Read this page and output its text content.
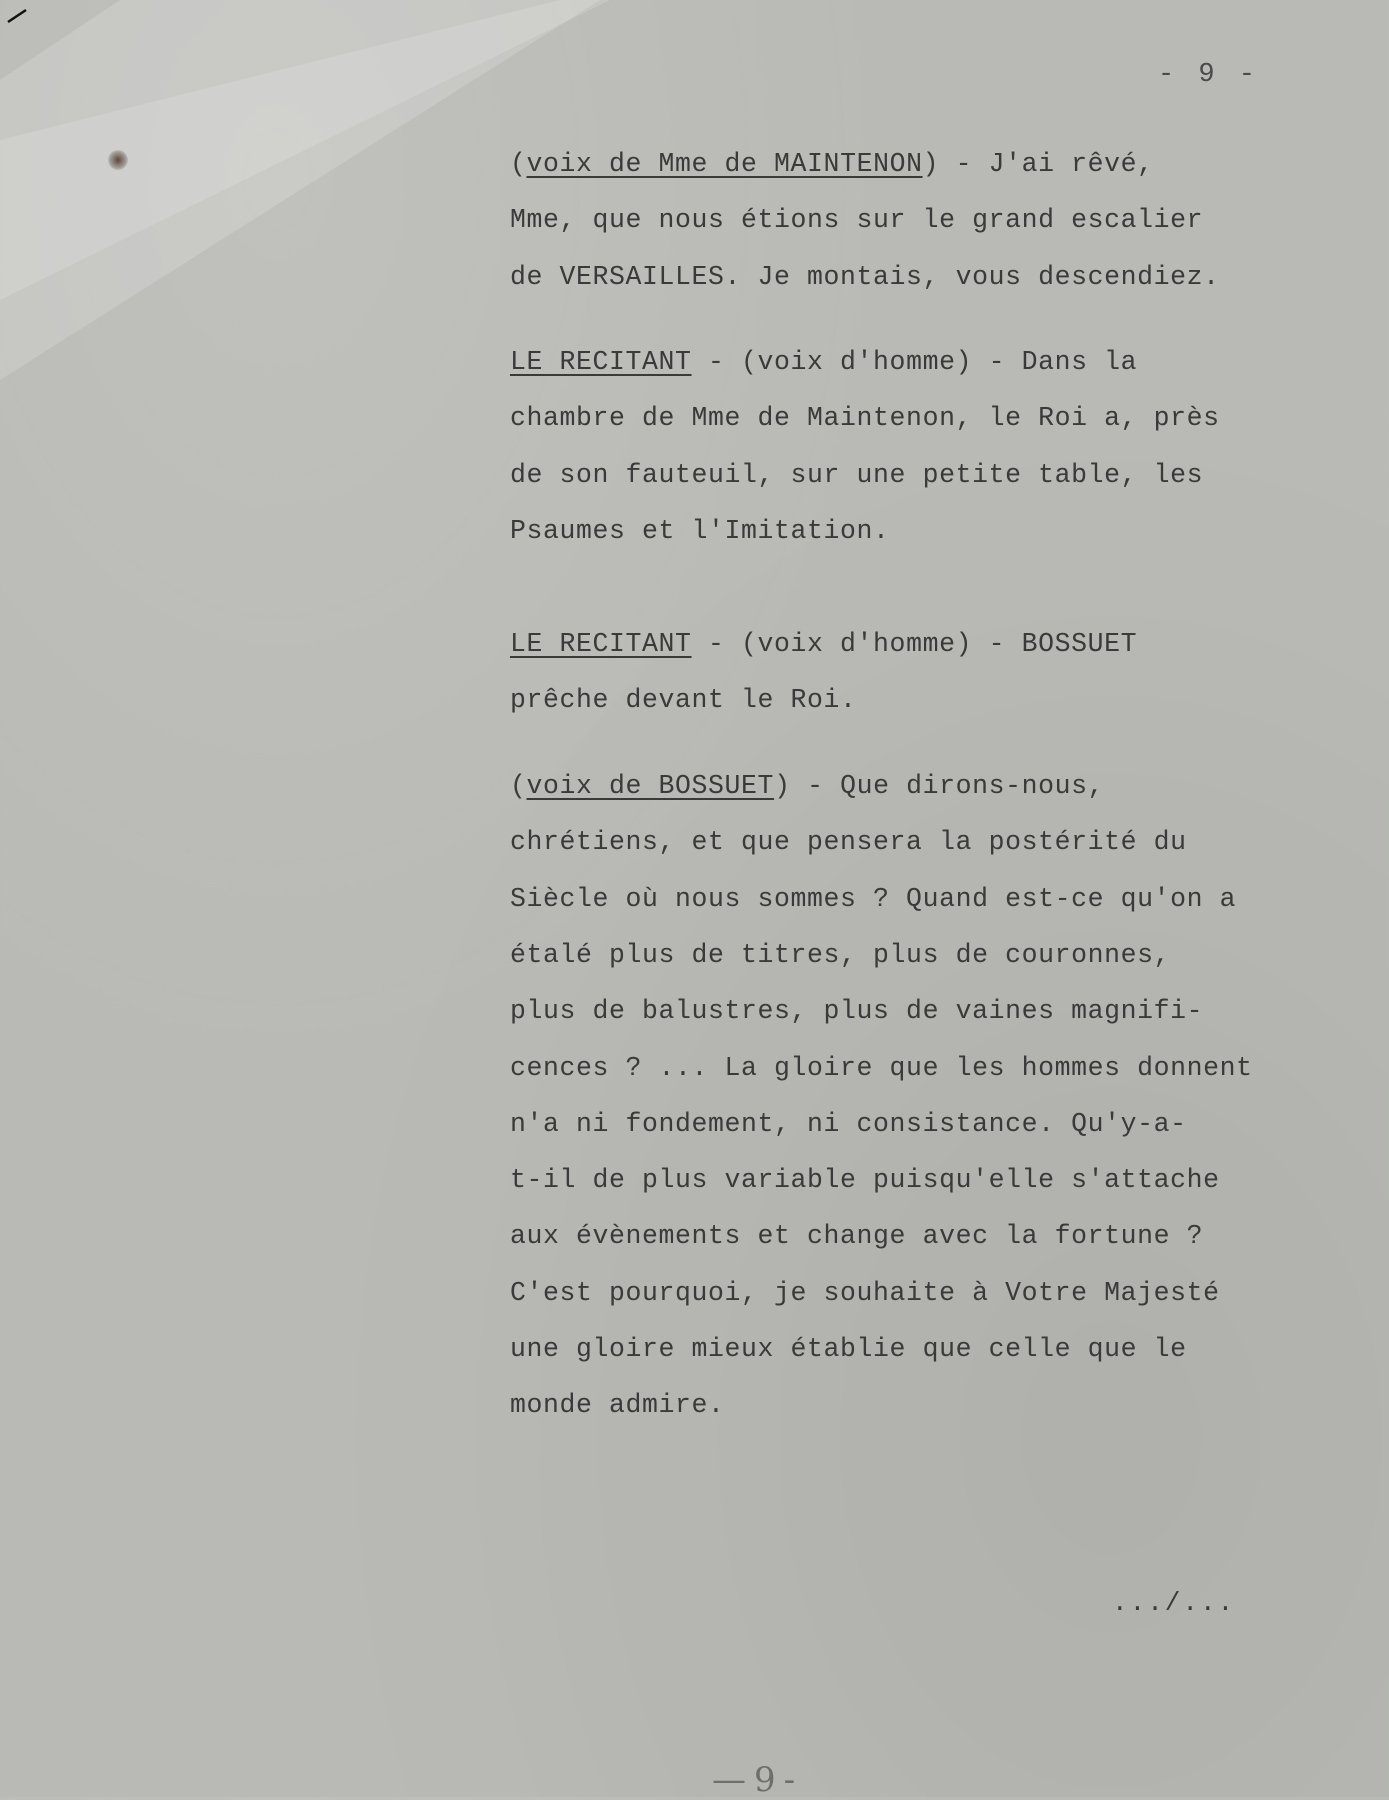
- 9 -
(voix de Mme de MAINTENON) - J'ai rêvé,
Mme, que nous étions sur le grand escalier
de VERSAILLES. Je montais, vous descendiez.
LE RECITANT - (voix d'homme) - Dans la
chambre de Mme de Maintenon, le Roi a, près
de son fauteuil, sur une petite table, les
Psaumes et l'Imitation.
LE RECITANT - (voix d'homme) - BOSSUET
prêche devant le Roi.
(voix de BOSSUET) - Que dirons-nous,
chrétiens, et que pensera la postérité du
Siècle où nous sommes ? Quand est-ce qu'on a
étalé plus de titres, plus de couronnes,
plus de balustres, plus de vaines magnifi-
cences ? ... La gloire que les hommes donnent
n'a ni fondement, ni consistance. Qu'y-a-
t-il de plus variable puisqu'elle s'attache
aux évènements et change avec la fortune ?
C'est pourquoi, je souhaite à Votre Majesté
une gloire mieux établie que celle que le
monde admire.
.../...
—9-
